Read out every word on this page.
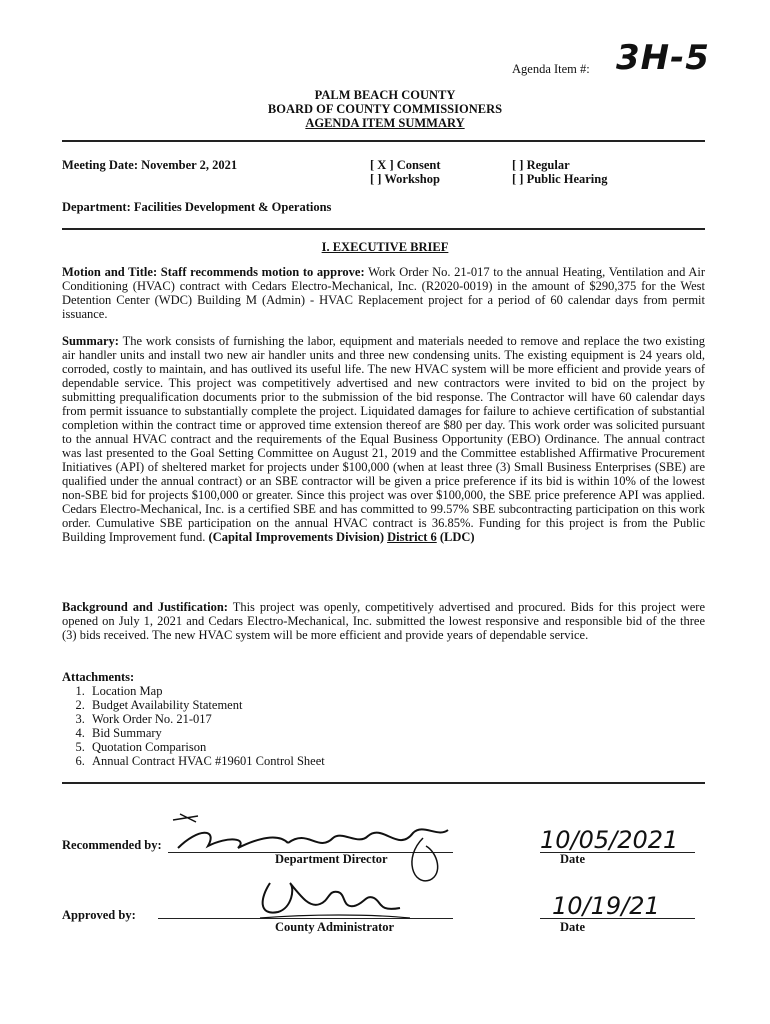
Agenda Item #: 3H-5
PALM BEACH COUNTY
BOARD OF COUNTY COMMISSIONERS
AGENDA ITEM SUMMARY
Meeting Date: November 2, 2021	[ X ] Consent
[ ] Workshop
[ ] Regular
[ ] Public Hearing
Department: Facilities Development & Operations
I. EXECUTIVE BRIEF
Motion and Title: Staff recommends motion to approve: Work Order No. 21-017 to the annual Heating, Ventilation and Air Conditioning (HVAC) contract with Cedars Electro-Mechanical, Inc. (R2020-0019) in the amount of $290,375 for the West Detention Center (WDC) Building M (Admin) - HVAC Replacement project for a period of 60 calendar days from permit issuance.
Summary: The work consists of furnishing the labor, equipment and materials needed to remove and replace the two existing air handler units and install two new air handler units and three new condensing units. The existing equipment is 24 years old, corroded, costly to maintain, and has outlived its useful life. The new HVAC system will be more efficient and provide years of dependable service. This project was competitively advertised and new contractors were invited to bid on the project by submitting prequalification documents prior to the submission of the bid response. The Contractor will have 60 calendar days from permit issuance to substantially complete the project. Liquidated damages for failure to achieve certification of substantial completion within the contract time or approved time extension thereof are $80 per day. This work order was solicited pursuant to the annual HVAC contract and the requirements of the Equal Business Opportunity (EBO) Ordinance. The annual contract was last presented to the Goal Setting Committee on August 21, 2019 and the Committee established Affirmative Procurement Initiatives (API) of sheltered market for projects under $100,000 (when at least three (3) Small Business Enterprises (SBE) are qualified under the annual contract) or an SBE contractor will be given a price preference if its bid is within 10% of the lowest non-SBE bid for projects $100,000 or greater. Since this project was over $100,000, the SBE price preference API was applied. Cedars Electro-Mechanical, Inc. is a certified SBE and has committed to 99.57% SBE subcontracting participation on this work order. Cumulative SBE participation on the annual HVAC contract is 36.85%. Funding for this project is from the Public Building Improvement fund. (Capital Improvements Division) District 6 (LDC)
Background and Justification: This project was openly, competitively advertised and procured. Bids for this project were opened on July 1, 2021 and Cedars Electro-Mechanical, Inc. submitted the lowest responsive and responsible bid of the three (3) bids received. The new HVAC system will be more efficient and provide years of dependable service.
Attachments:
1. Location Map
2. Budget Availability Statement
3. Work Order No. 21-017
4. Bid Summary
5. Quotation Comparison
6. Annual Contract HVAC #19601 Control Sheet
Recommended by:
Department Director
10/05/2021
Date
Approved by:
County Administrator
10/19/21
Date
